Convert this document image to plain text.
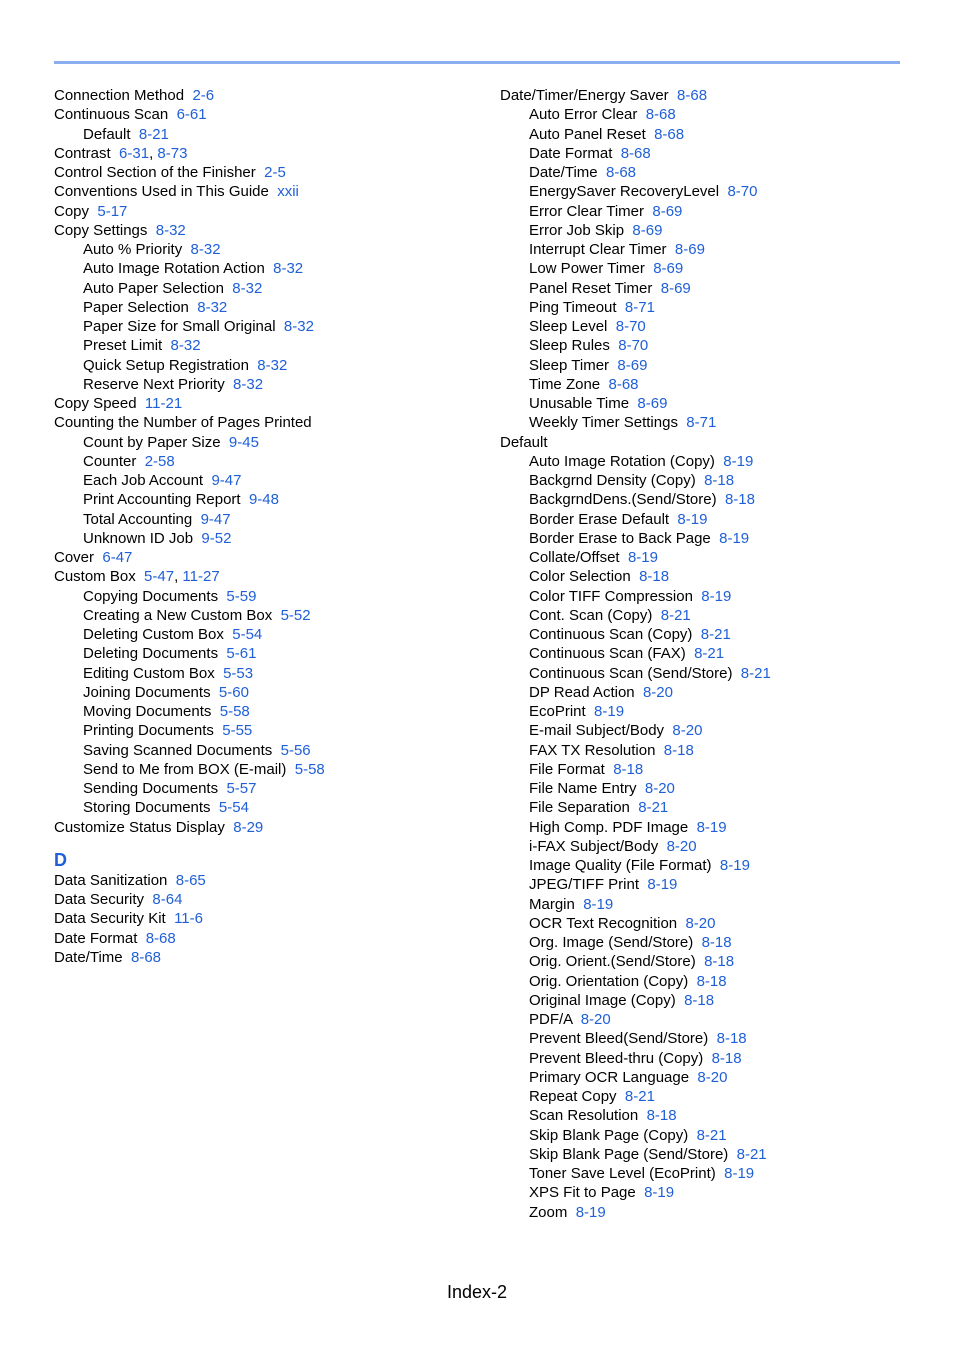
Connection Method 2-6
Continuous Scan 6-61
Default 8-21
Contrast 6-31 , 8-73
Control Section of the Finisher 2-5
Conventions Used in This Guide xxii
Copy 5-17
Copy Settings 8-32
Auto % Priority 8-32
Auto Image Rotation Action 8-32
Auto Paper Selection 8-32
Paper Selection 8-32
Paper Size for Small Original 8-32
Preset Limit 8-32
Quick Setup Registration 8-32
Reserve Next Priority 8-32
Copy Speed 11-21
Counting the Number of Pages Printed
Count by Paper Size 9-45
Counter 2-58
Each Job Account 9-47
Print Accounting Report 9-48
Total Accounting 9-47
Unknown ID Job 9-52
Cover 6-47
Custom Box 5-47 , 11-27
Copying Documents 5-59
Creating a New Custom Box 5-52
Deleting Custom Box 5-54
Deleting Documents 5-61
Editing Custom Box 5-53
Joining Documents 5-60
Moving Documents 5-58
Printing Documents 5-55
Saving Scanned Documents 5-56
Send to Me from BOX (E-mail) 5-58
Sending Documents 5-57
Storing Documents 5-54
Customize Status Display 8-29
D
Data Sanitization 8-65
Data Security 8-64
Data Security Kit 11-6
Date Format 8-68
Date/Time 8-68
Date/Timer/Energy Saver 8-68
Auto Error Clear 8-68
Auto Panel Reset 8-68
Date Format 8-68
Date/Time 8-68
EnergySaver RecoveryLevel 8-70
Error Clear Timer 8-69
Error Job Skip 8-69
Interrupt Clear Timer 8-69
Low Power Timer 8-69
Panel Reset Timer 8-69
Ping Timeout 8-71
Sleep Level 8-70
Sleep Rules 8-70
Sleep Timer 8-69
Time Zone 8-68
Unusable Time 8-69
Weekly Timer Settings 8-71
Default
Auto Image Rotation (Copy) 8-19
Backgrnd Density (Copy) 8-18
BackgrndDens.(Send/Store) 8-18
Border Erase Default 8-19
Border Erase to Back Page 8-19
Collate/Offset 8-19
Color Selection 8-18
Color TIFF Compression 8-19
Cont. Scan (Copy) 8-21
Continuous Scan (Copy) 8-21
Continuous Scan (FAX) 8-21
Continuous Scan (Send/Store) 8-21
DP Read Action 8-20
EcoPrint 8-19
E-mail Subject/Body 8-20
FAX TX Resolution 8-18
File Format 8-18
File Name Entry 8-20
File Separation 8-21
High Comp. PDF Image 8-19
i-FAX Subject/Body 8-20
Image Quality (File Format) 8-19
JPEG/TIFF Print 8-19
Margin 8-19
OCR Text Recognition 8-20
Org. Image (Send/Store) 8-18
Orig. Orient.(Send/Store) 8-18
Orig. Orientation (Copy) 8-18
Original Image (Copy) 8-18
PDF/A 8-20
Prevent Bleed(Send/Store) 8-18
Prevent Bleed-thru (Copy) 8-18
Primary OCR Language 8-20
Repeat Copy 8-21
Scan Resolution 8-18
Skip Blank Page (Copy) 8-21
Skip Blank Page (Send/Store) 8-21
Toner Save Level (EcoPrint) 8-19
XPS Fit to Page 8-19
Zoom 8-19
Index-2
